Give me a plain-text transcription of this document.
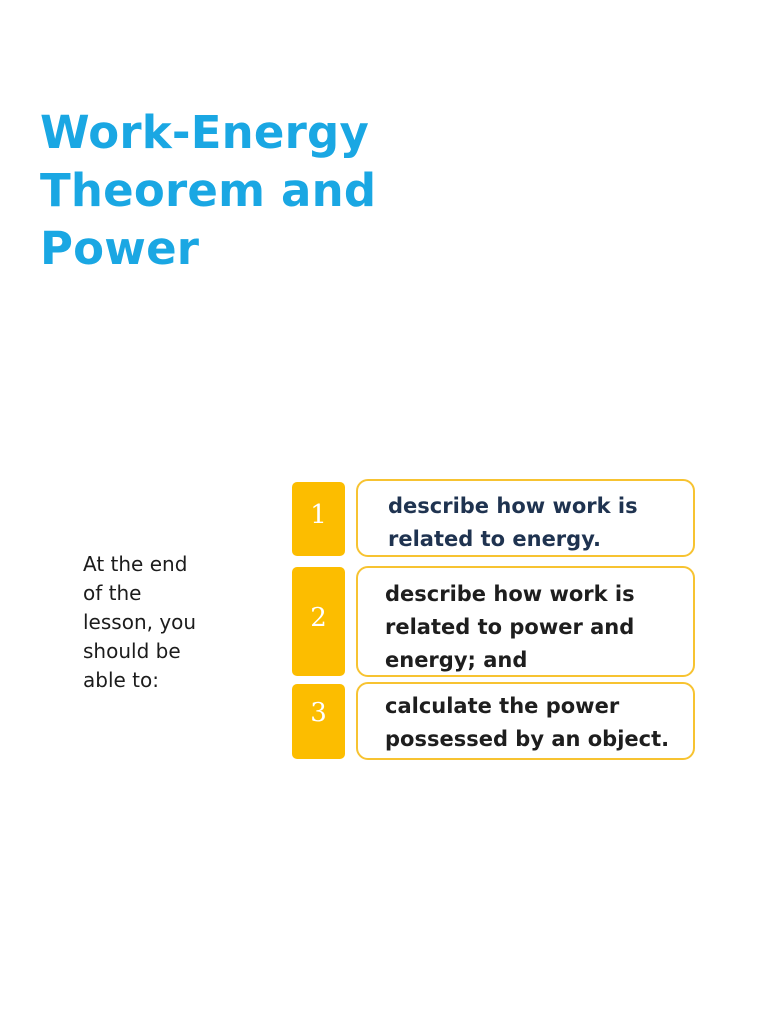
Work-Energy
Theorem and
Power
At the end
of the
lesson, you
should be
able to:
1	describe how work is
related to energy.
2
describe how work is
related to power and
energy; and
3	calculate the power
possessed by an object.
